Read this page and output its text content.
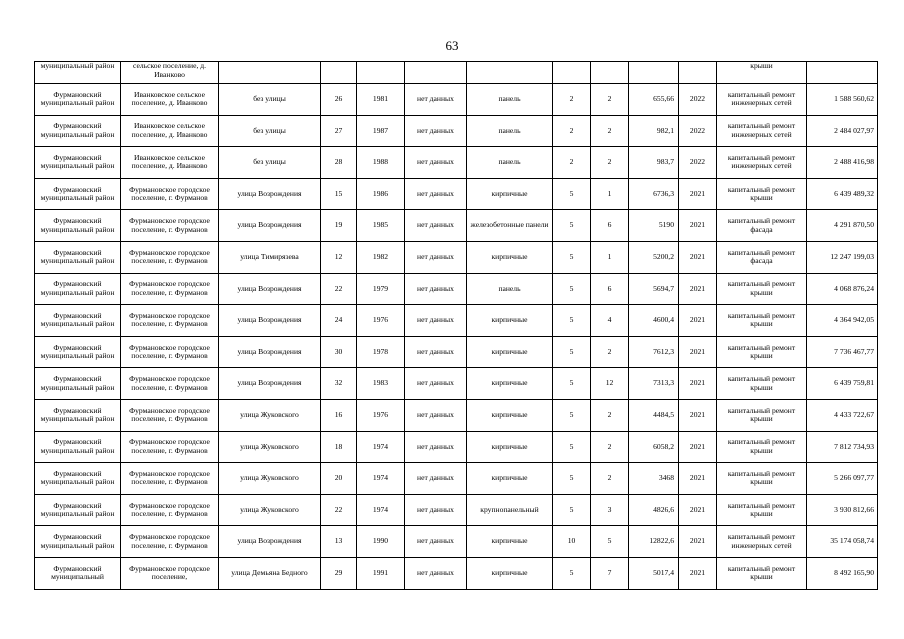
63
муниципальный район	сельское поселение, д. Иванково										крыши	
Фурмановский муниципальный район	Иванковское сельское поселение, д. Иванково	без улицы	26	1981	нет данных	панель	2	2	655,66	2022	капитальный ремонт инженерных сетей	1 588 560,62
Фурмановский муниципальный район	Иванковское сельское поселение, д. Иванково	без улицы	27	1987	нет данных	панель	2	2	982,1	2022	капитальный ремонт инженерных сетей	2 484 027,97
Фурмановский муниципальный район	Иванковское сельское поселение, д. Иванково	без улицы	28	1988	нет данных	панель	2	2	983,7	2022	капитальный ремонт инженерных сетей	2 488 416,98
Фурмановский муниципальный район	Фурмановское городское поселение, г. Фурманов	улица Возрождения	15	1986	нет данных	кирпичные	5	1	6736,3	2021	капитальный ремонт крыши	6 439 489,32
Фурмановский муниципальный район	Фурмановское городское поселение, г. Фурманов	улица Возрождения	19	1985	нет данных	железобетонные панели	5	6	5190	2021	капитальный ремонт фасада	4 291 870,50
Фурмановский муниципальный район	Фурмановское городское поселение, г. Фурманов	улица Тимирязева	12	1982	нет данных	кирпичные	5	1	5200,2	2021	капитальный ремонт фасада	12 247 199,03
Фурмановский муниципальный район	Фурмановское городское поселение, г. Фурманов	улица Возрождения	22	1979	нет данных	панель	5	6	5694,7	2021	капитальный ремонт крыши	4 068 876,24
Фурмановский муниципальный район	Фурмановское городское поселение, г. Фурманов	улица Возрождения	24	1976	нет данных	кирпичные	5	4	4600,4	2021	капитальный ремонт крыши	4 364 942,05
Фурмановский муниципальный район	Фурмановское городское поселение, г. Фурманов	улица Возрождения	30	1978	нет данных	кирпичные	5	2	7612,3	2021	капитальный ремонт крыши	7 736 467,77
Фурмановский муниципальный район	Фурмановское городское поселение, г. Фурманов	улица Возрождения	32	1983	нет данных	кирпичные	5	12	7313,3	2021	капитальный ремонт крыши	6 439 759,81
Фурмановский муниципальный район	Фурмановское городское поселение, г. Фурманов	улица Жуковского	16	1976	нет данных	кирпичные	5	2	4484,5	2021	капитальный ремонт крыши	4 433 722,67
Фурмановский муниципальный район	Фурмановское городское поселение, г. Фурманов	улица Жуковского	18	1974	нет данных	кирпичные	5	2	6058,2	2021	капитальный ремонт крыши	7 812 734,93
Фурмановский муниципальный район	Фурмановское городское поселение, г. Фурманов	улица Жуковского	20	1974	нет данных	кирпичные	5	2	3468	2021	капитальный ремонт крыши	5 266 097,77
Фурмановский муниципальный район	Фурмановское городское поселение, г. Фурманов	улица Жуковского	22	1974	нет данных	крупнопанельный	5	3	4826,6	2021	капитальный ремонт крыши	3 930 812,66
Фурмановский муниципальный район	Фурмановское городское поселение, г. Фурманов	улица Возрождения	13	1990	нет данных	кирпичные	10	5	12822,6	2021	капитальный ремонт инженерных сетей	35 174 058,74
Фурмановский муниципальный	Фурмановское городское поселение,	улица Демьяна Бедного	29	1991	нет данных	кирпичные	5	7	5017,4	2021	капитальный ремонт крыши	8 492 165,90
